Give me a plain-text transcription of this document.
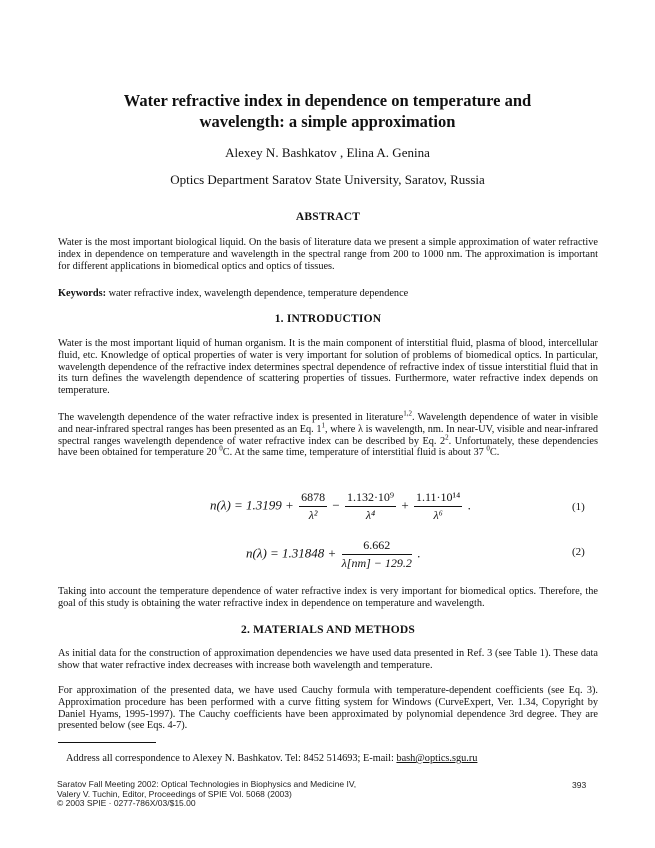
Water refractive index in dependence on temperature and
wavelength: a simple approximation
Alexey N. Bashkatov , Elina A. Genina
Optics Department Saratov State University, Saratov, Russia
ABSTRACT
Water is the most important biological liquid. On the basis of literature data we present a simple approximation of water refractive index in dependence on temperature and wavelength in the spectral range from 200 to 1000 nm. The approximation is important for different applications in biomedical optics and optics of tissues.
Keywords: water refractive index, wavelength dependence, temperature dependence
1. INTRODUCTION
Water is the most important liquid of human organism. It is the main component of interstitial fluid, plasma of blood, intercellular fluid, etc. Knowledge of optical properties of water is very important for solution of problems of biomedical optics. In particular, wavelength dependence of the refractive index determines spectral dependence of refractive index of tissue interstitial fluid that in its turn defines the wavelength dependence of scattering properties of tissues. Furthermore, water refractive index depends on temperature.
The wavelength dependence of the water refractive index is presented in literature$^{1,2}$. Wavelength dependence of water in visible and near-infrared spectral ranges has been presented as an Eq. $1^1$, where λ is wavelength, nm. In near-UV, visible and near-infrared spectral ranges wavelength dependence of water refractive index can be described by Eq. $2^2$. Unfortunately, these dependencies have been obtained for temperature 20 $^0$C. At the same time, temperature of interstitial fluid is about 37 $^0$C.
$n(\lambda) = 1.3199 + \frac{6878}{\text{λ²}} - \frac{\text{1.132·10⁹}}{\text{λ⁴}} + \frac{\text{1.11·10¹⁴}}{\text{λ⁶}}$ .	(1)
$n(\lambda) = 1.31848 + \frac{6.662}{\lambda[nm] - 129.2}$ .	(2)
Taking into account the temperature dependence of water refractive index is very important for biomedical optics. Therefore, the goal of this study is obtaining the water refractive index in dependence on temperature and wavelength.
2. MATERIALS AND METHODS
As initial data for the construction of approximation dependencies we have used data presented in Ref. 3 (see Table 1). These data show that water refractive index decreases with increase both wavelength and temperature.
For approximation of the presented data, we have used Cauchy formula with temperature-dependent coefficients (see Eq. 3). Approximation procedure has been performed with a curve fitting system for Windows (CurveExpert, Ver. 1.34, Copyright by Daniel Hyams, 1995-1997). The Cauchy coefficients have been approximated by polynomial dependence 3rd degree. They are presented below (see Eqs. 4-7).
Address all correspondence to Alexey N. Bashkatov. Tel: 8452 514693; E-mail: bash@optics.sgu.ru
Saratov Fall Meeting 2002: Optical Technologies in Biophysics and Medicine IV,
Valery V. Tuchin, Editor, Proceedings of SPIE Vol. 5068 (2003)
© 2003 SPIE · 0277-786X/03/$15.00
393
